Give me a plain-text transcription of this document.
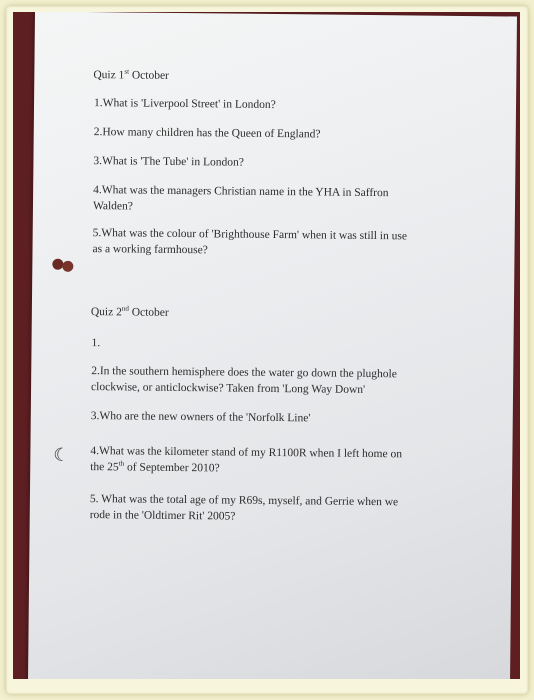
☾
Quiz 1st October
1.What is 'Liverpool Street' in London?
2.How many children has the Queen of England?
3.What is 'The Tube' in London?
4.What was the managers Christian name in the YHA in Saffron
Walden?
5.What was the colour of 'Brighthouse Farm' when it was still in use
as a working farmhouse?
Quiz 2nd October
1.
2.In the southern hemisphere does the water go down the plughole
clockwise, or anticlockwise? Taken from 'Long Way Down'
3.Who are the new owners of the 'Norfolk Line'
4.What was the kilometer stand of my R1100R when I left home on
the 25th of September 2010?
5. What was the total age of my R69s, myself, and Gerrie when we
rode in the 'Oldtimer Rit' 2005?
